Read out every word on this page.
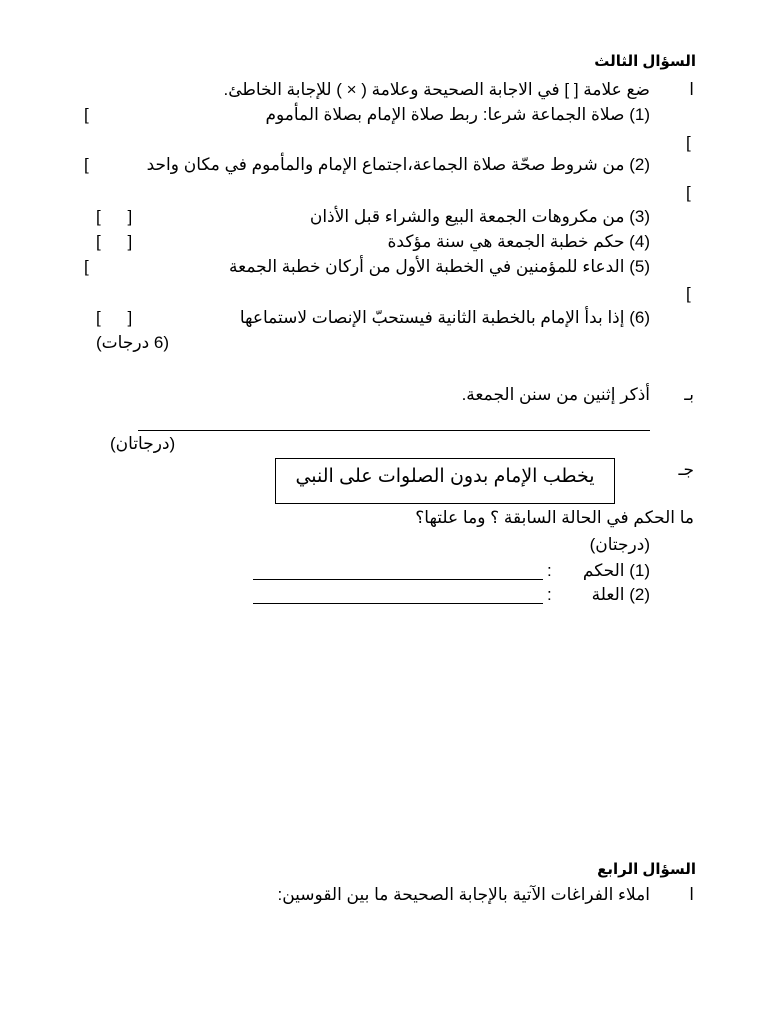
السؤال الثالث
ا
ضع علامة [ ] في الاجابة الصحيحة وعلامة ( × ) للإجابة الخاطئ.
(1) صلاة الجماعة شرعا: ربط صلاة الإمام بصلاة المأموم
[
[
(2) من شروط صحّة صلاة الجماعة،اجتماع الإمام والمأموم في مكان واحد
[
[
(3) من مكروهات الجمعة البيع والشراء قبل الأذان
[ ]
(4) حكم خطبة الجمعة هي سنة مؤكدة
[ ]
(5) الدعاء للمؤمنين في الخطبة الأول من أركان خطبة الجمعة
[
[
(6) إذا بدأ الإمام بالخطبة الثانية فيستحبّ الإنصات لاستماعها
[ ]
(6 درجات)
بـ
أذكر إثنين من سنن الجمعة.
(درجاتان)
جـ
يخطب الإمام بدون الصلوات على النبي
ما الحكم في الحالة السابقة ؟ وما علتها؟
(درجتان)
(1) الحكم
:
(2) العلة
:
السؤال الرابع
ا
املاء الفراغات الآتية بالإجابة الصحيحة ما بين القوسين:
